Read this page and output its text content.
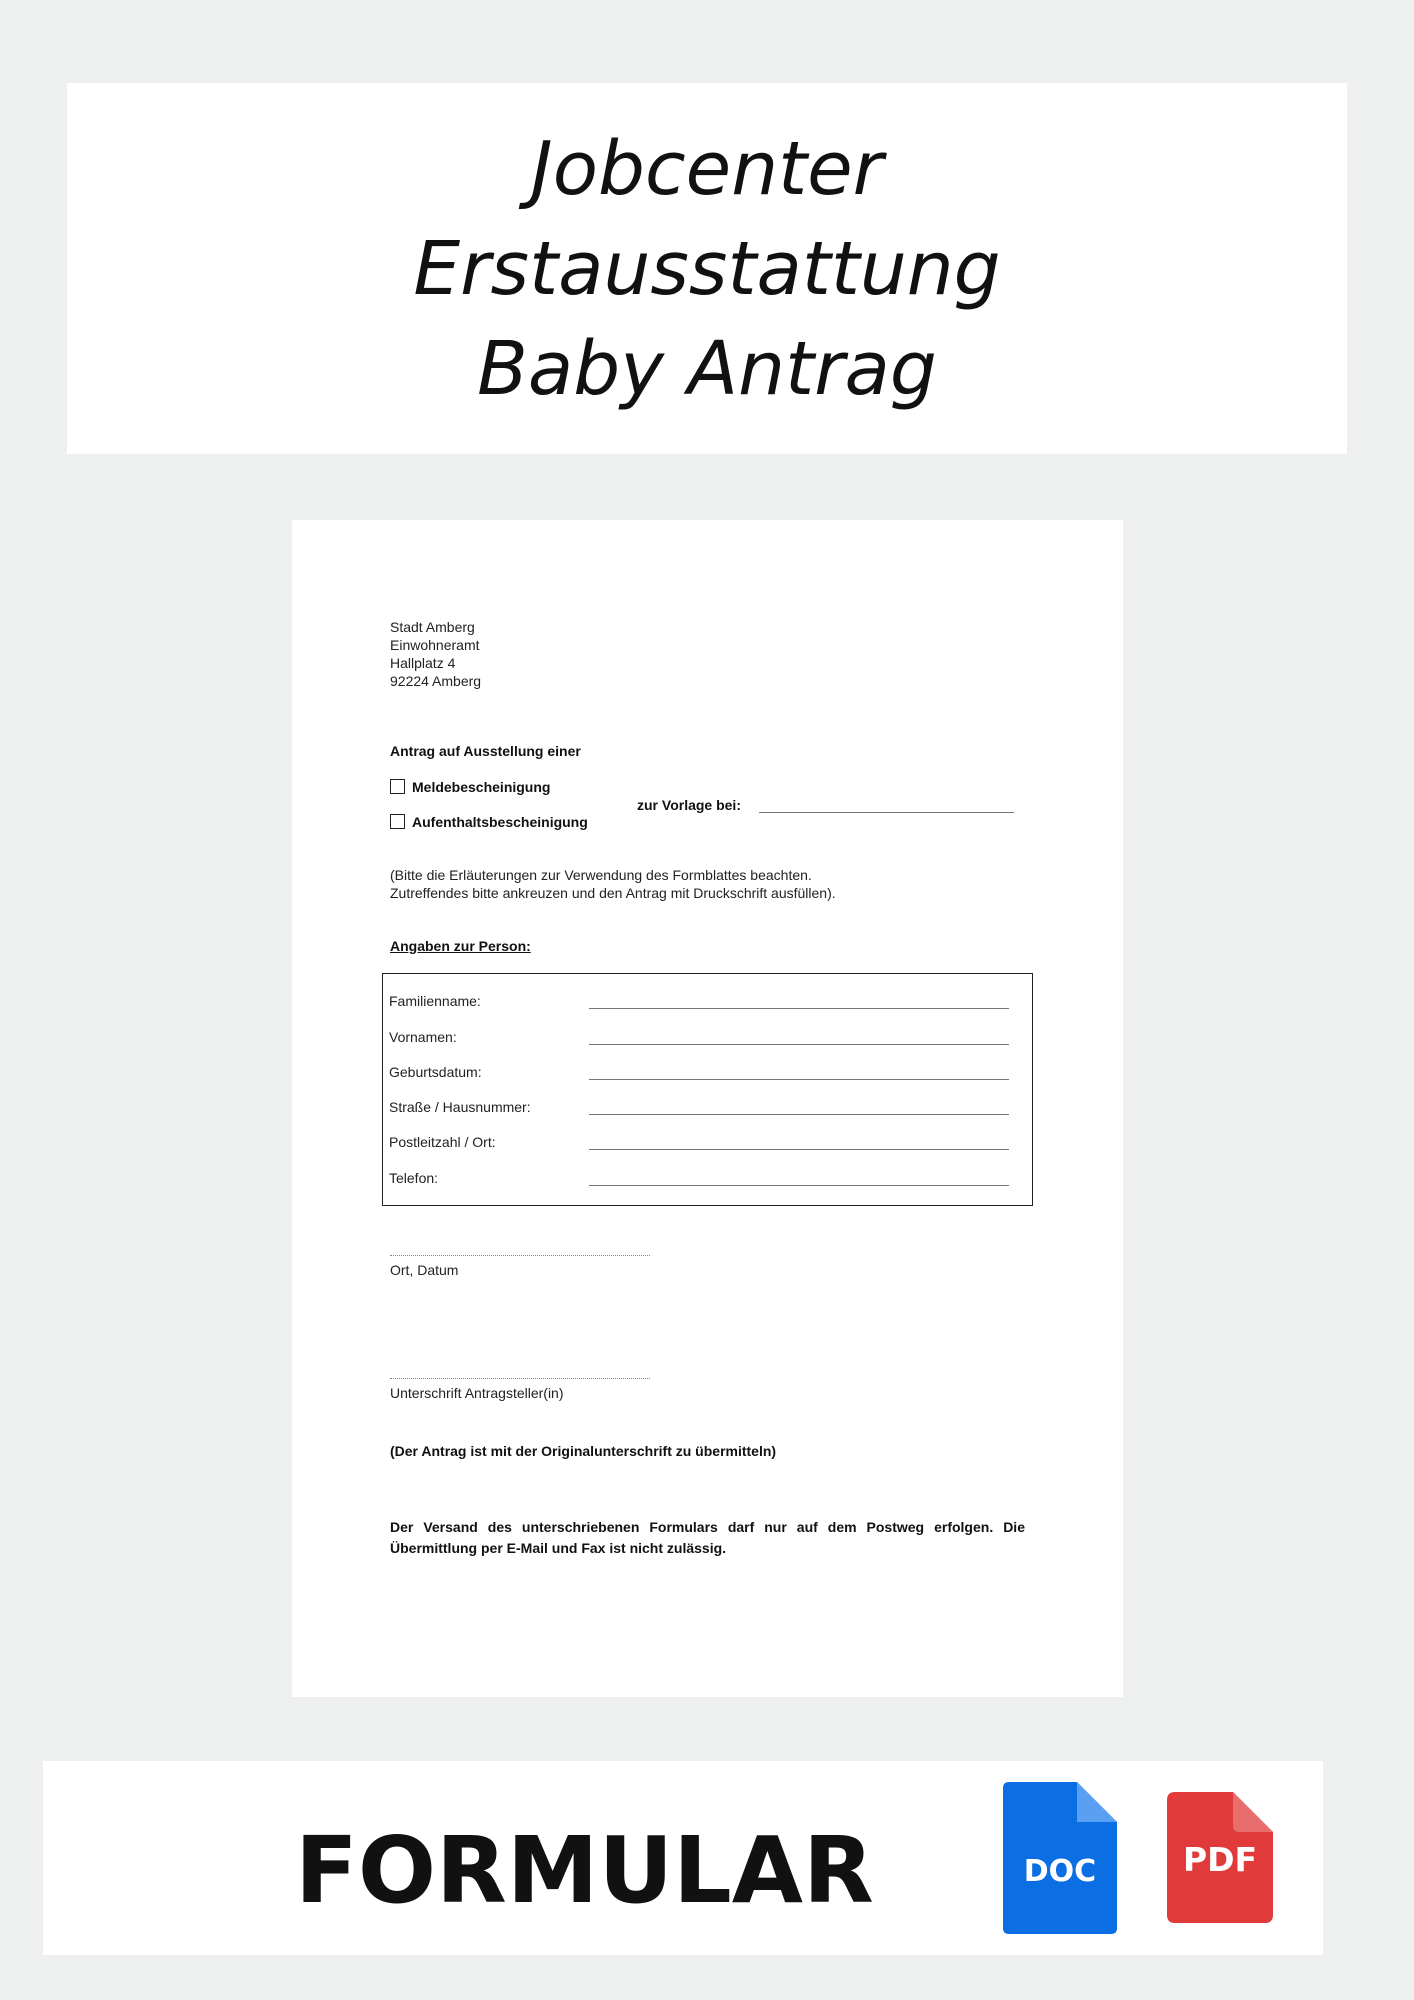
Jobcenter
Erstausstattung
Baby Antrag
Stadt Amberg
Einwohneramt
Hallplatz 4
92224 Amberg
Antrag auf Ausstellung einer
Meldebescheinigung
Aufenthaltsbescheinigung
zur Vorlage bei:
(Bitte die Erläuterungen zur Verwendung des Formblattes beachten.
Zutreffendes bitte ankreuzen und den Antrag mit Druckschrift ausfüllen).
Angaben zur Person:
Familienname:
Vornamen:
Geburtsdatum:
Straße / Hausnummer:
Postleitzahl / Ort:
Telefon:
Ort, Datum
Unterschrift Antragsteller(in)
(Der Antrag ist mit der Originalunterschrift zu übermitteln)
Der Versand des unterschriebenen Formulars darf nur auf dem Postweg erfolgen. Die Übermittlung per E-Mail und Fax ist nicht zulässig.
FORMULAR	DOC	PDF
